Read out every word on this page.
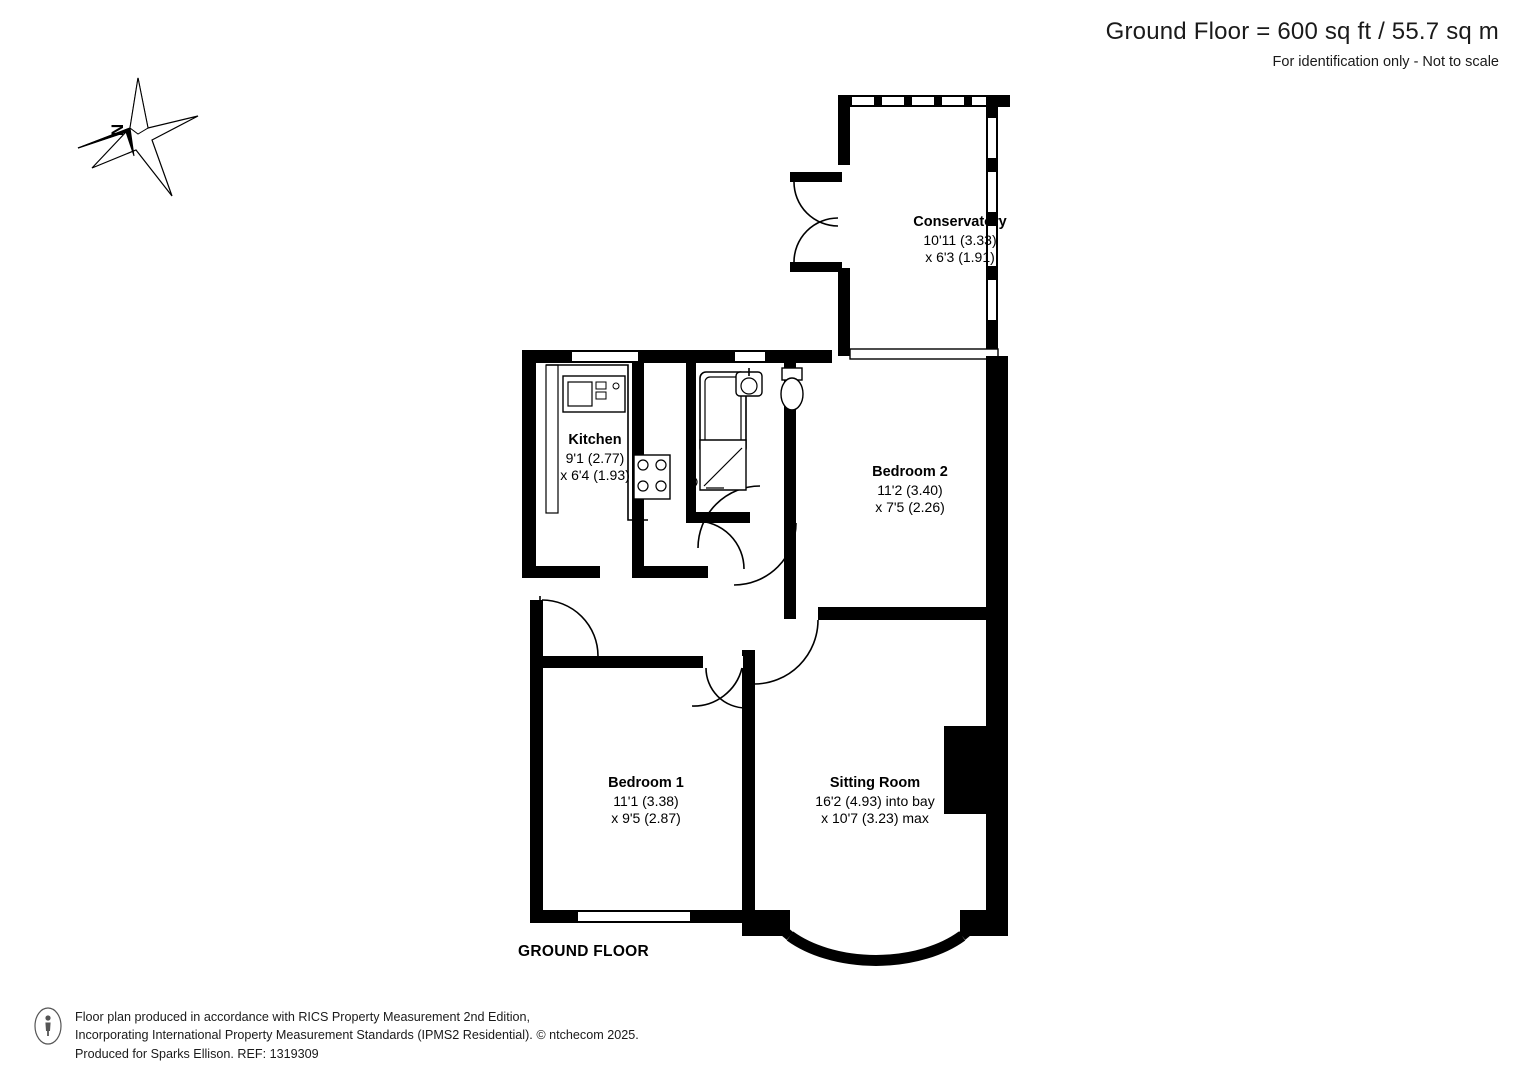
Ground Floor = 600 sq ft / 55.7 sq m
For identification only - Not to scale
N
Conservatory
10'11 (3.33)
x 6'3 (1.91)
Kitchen
9'1 (2.77)
x 6'4 (1.93)	Bedroom 2
11'2 (3.40)
x 7'5 (2.26)
Bedroom 1
11'1 (3.38)
x 9'5 (2.87)
Sitting Room
16'2 (4.93) into bay
x 10'7 (3.23) max
GROUND FLOOR
Floor plan produced in accordance with RICS Property Measurement 2nd Edition,
Incorporating International Property Measurement Standards (IPMS2 Residential). © ntchecom 2025.
Produced for Sparks Ellison. REF: 1319309
